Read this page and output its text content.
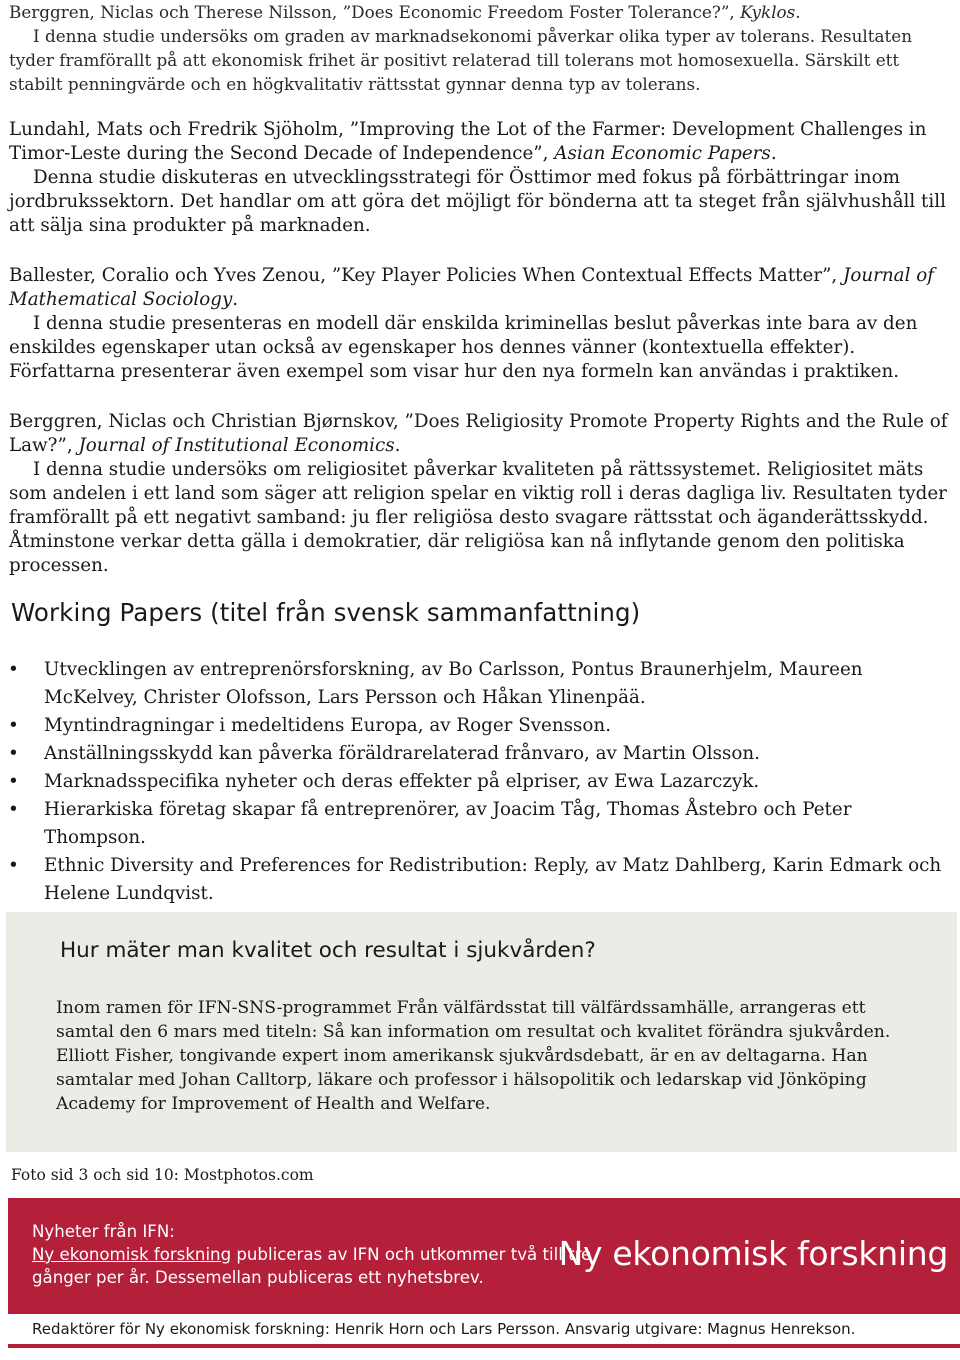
Berggren, Niclas och Therese Nilsson, ”Does Economic Freedom Foster Tolerance?”, Kyklos.

I denna studie undersöks om graden av marknadsekonomi påverkar olika typer av tolerans. Resultaten tyder framförallt på att ekonomisk frihet är positivt relaterad till tolerans mot homosexuella. Särskilt ett stabilt penningvärde och en högkvalitativ rättsstat gynnar denna typ av tolerans.

Lundahl, Mats och Fredrik Sjöholm, ”Improving the Lot of the Farmer: Development Challenges in Timor-Leste during the Second Decade of Independence”, Asian Economic Papers.

Denna studie diskuteras en utvecklingsstrategi för Östtimor med fokus på förbättringar inom jordbrukssektorn. Det handlar om att göra det möjligt för bönderna att ta steget från självhushåll till att sälja sina produkter på marknaden.

Ballester, Coralio och Yves Zenou, ”Key Player Policies When Contextual Effects Matter”, Journal of Mathematical Sociology.

I denna studie presenteras en modell där enskilda kriminellas beslut påverkas inte bara av den enskildes egenskaper utan också av egenskaper hos dennes vänner (kontextuella effekter). Författarna presenterar även exempel som visar hur den nya formeln kan användas i praktiken.

Berggren, Niclas och Christian Bjørnskov, ”Does Religiosity Promote Property Rights and the Rule of Law?”, Journal of Institutional Economics.

I denna studie undersöks om religiositet påverkar kvaliteten på rättssystemet. Religiositet mäts som andelen i ett land som säger att religion spelar en viktig roll i deras dagliga liv. Resultaten tyder framförallt på ett negativt samband: ju fler religiösa desto svagare rättsstat och äganderättsskydd. Åtminstone verkar detta gälla i demokratier, där religiösa kan nå inflytande genom den politiska processen.

Working Papers (titel från svensk sammanfattning)
•	Utvecklingen av entreprenörsforskning, av Bo Carlsson, Pontus Braunerhjelm, Maureen McKelvey, Christer Olofsson, Lars Persson och Håkan Ylinenpää.
•	Myntindragningar i medeltidens Europa, av Roger Svensson.
•	Anställningsskydd kan påverka föräldrarelaterad frånvaro, av Martin Olsson.
•	Marknadsspecifika nyheter och deras effekter på elpriser, av Ewa Lazarczyk.
•	Hierarkiska företag skapar få entreprenörer, av Joacim Tåg, Thomas Åstebro och Peter Thompson.
•	Ethnic Diversity and Preferences for Redistribution: Reply, av Matz Dahlberg, Karin Edmark och Helene Lundqvist.
Hur mäter man kvalitet och resultat i sjukvården?

Inom ramen för IFN-SNS-programmet Från välfärdsstat till välfärdssamhälle, arrangeras ett samtal den 6 mars med titeln: Så kan information om resultat och kvalitet förändra sjukvården. Elliott Fisher, tongivande expert inom amerikansk sjukvårdsdebatt, är en av deltagarna. Han samtalar med Johan Calltorp, läkare och professor i hälsopolitik och ledarskap vid Jönköping Academy for Improvement of Health and Welfare.

Foto sid 3 och sid 10: Mostphotos.com

Nyheter från IFN:
Ny ekonomisk forskning publiceras av IFN och utkommer två till tre gånger per år. Dessemellan publiceras ett nyhetsbrev.
Ny ekonomisk forskning
Redaktörer för Ny ekonomisk forskning: Henrik Horn och Lars Persson. Ansvarig utgivare: Magnus Henrekson.
